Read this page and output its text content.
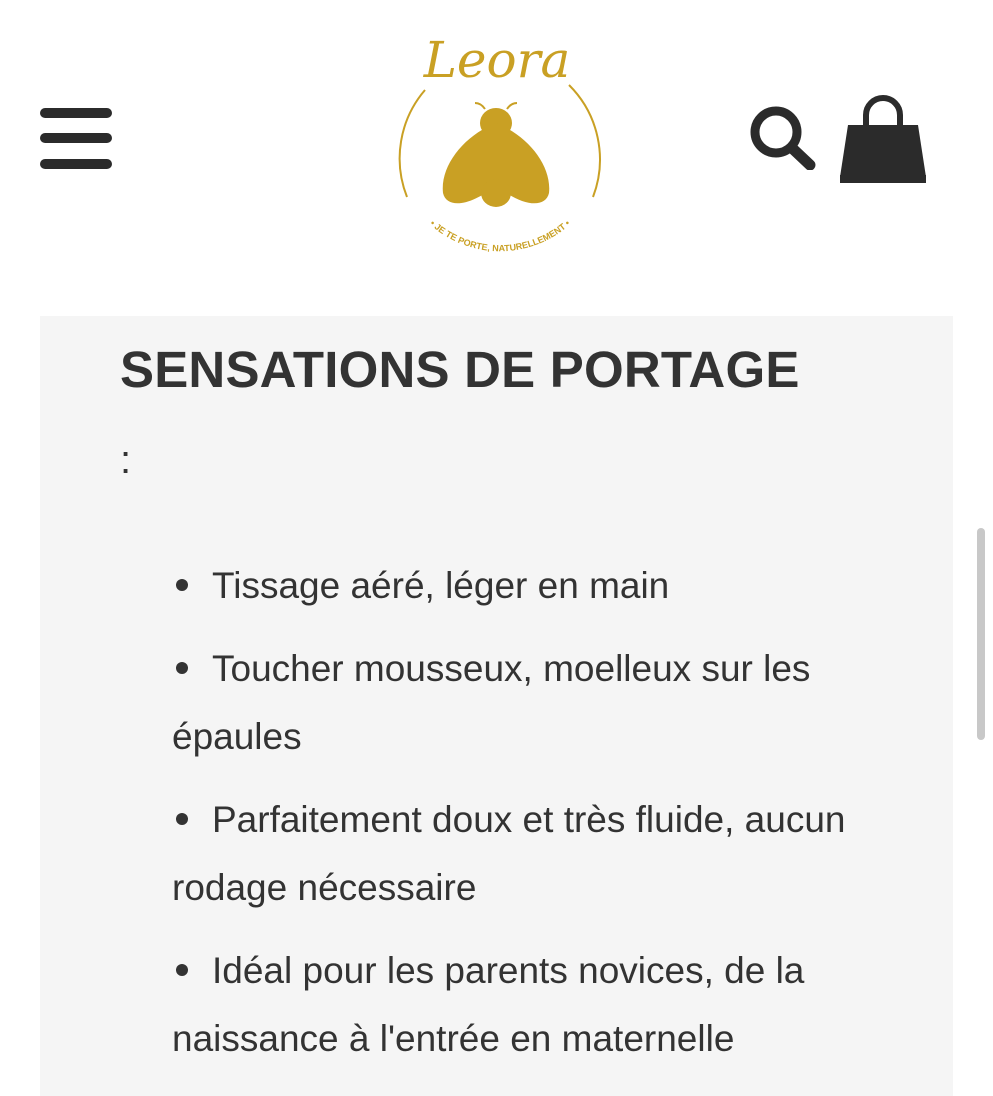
Leora
• JE TE PORTE, NATURELLEMENT •
SENSATIONS DE PORTAGE
:
Tissage aéré, léger en main
Toucher mousseux, moelleux sur les épaules
Parfaitement doux et très fluide, aucun rodage nécessaire
Idéal pour les parents novices, de la naissance à l'entrée en maternelle
